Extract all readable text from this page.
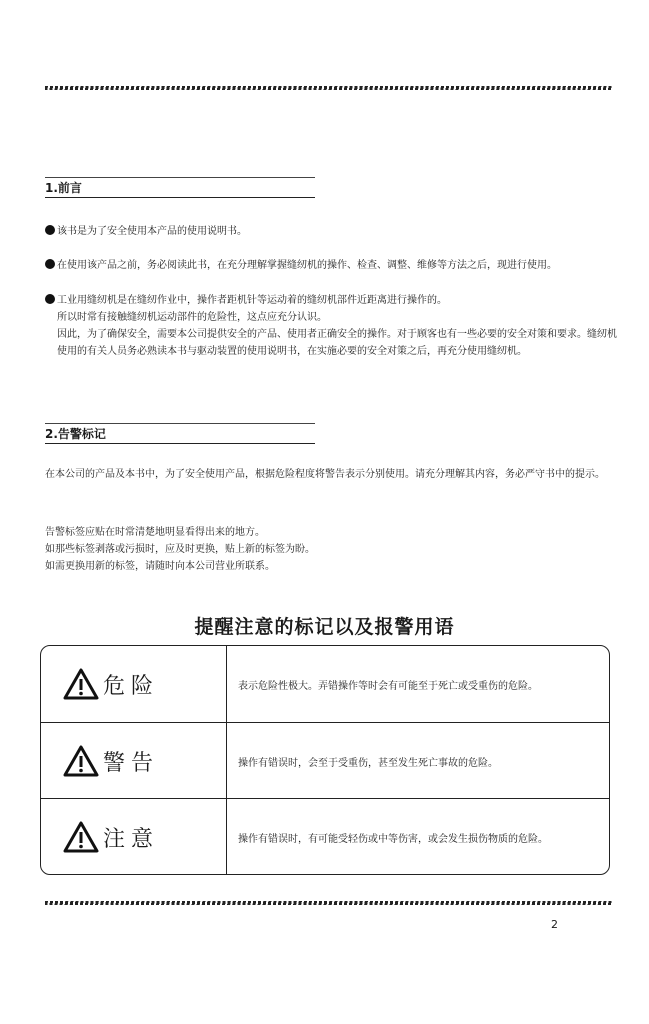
1.前言

该书是为了安全使用本产品的使用说明书。

在使用该产品之前，务必阅读此书，在充分理解掌握缝纫机的操作、检查、调整、维修等方法之后，现进行使用。

工业用缝纫机是在缝纫作业中，操作者距机针等运动着的缝纫机部件近距离进行操作的。
所以时常有接触缝纫机运动部件的危险性，这点应充分认识。
因此，为了确保安全，需要本公司提供安全的产品、使用者正确安全的操作。对于顾客也有一些必要的安全对策和要求。缝纫机使用的有关人员务必熟读本书与驱动装置的使用说明书，在实施必要的安全对策之后，再充分使用缝纫机。

2.告警标记

在本公司的产品及本书中，为了安全使用产品，根据危险程度将警告表示分别使用。请充分理解其内容，务必严守书中的提示。

告警标签应贴在时常清楚地明显看得出来的地方。
如那些标签剥落或污损时，应及时更换，贴上新的标签为盼。
如需更换用新的标签，请随时向本公司营业所联系。

提醒注意的标记以及报警用语
危险	表示危险性极大。弄错操作等时会有可能至于死亡或受重伤的危险。
警告	操作有错误时，会至于受重伤，甚至发生死亡事故的危险。
注意	操作有错误时，有可能受轻伤或中等伤害，或会发生损伤物质的危险。
2
